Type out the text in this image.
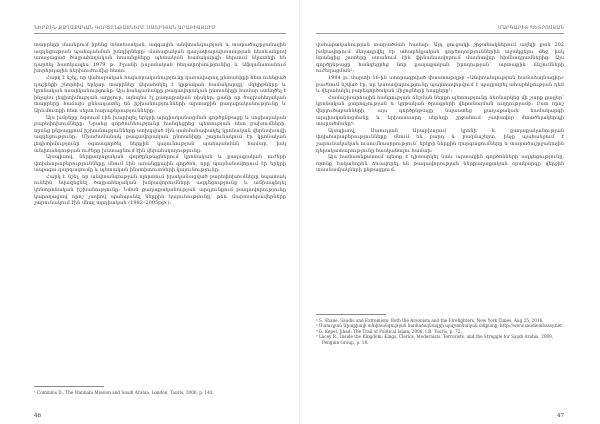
ՆԵՐՔԻՆ ՔԱՂԱՔԱԿԱՆ ԳՈՐԾԸՆԹԱՑՆԵՐԸ ՍԱՈՒԴՅԱՆ ԱՐԱԲԻԱՅՈՒՄ

տարրերի մասերում իրենց տնտեսական, ազգային անվտանգության և տարածաշրջանային ազդեցության պահպանման խնդիրները: Վահաբական գաղափարախոսության հետևանքով առաջացած ծայրահեղական հոսանքները պետական համակարգի ներսում նկատելի են դարձել հատկապես 1979 թ. Իրանի իսլամական հեղափոխությունից և Աֆղանստանում խորհրդային ներխուժումից հետո:

Հարկ է նշել, որ վահաբական հոգևորականությունը կառավարող ընտանիքի հետ ունեցած դաշինքի շնորհիվ երկար տարիներ վերահսկել է կրթական համակարգը, մզկիթները և կրոնական ոստիկանությունը: Այս հանգամանքը թագավորական ընտանիքի համար ստեղծել է ինչպես լեգիտիմության աղբյուր, այնպես էլ քաղաքական ռիսկեր, քանի որ ծայրահեղական տարրերը հաճախ քննադատել են իշխանությունների արտաքին քաղաքականությունը և Արևմուտքի հետ սերտ հարաբերությունները:

Այս խմբերը ձգտում էին խարխլել երկրի արդիականացման գործընթացը և սոցիալական բարեփոխումները: Նրանց գործունեությունը հանգեցրեց պետության հետ բախումների, որոնց ընթացքում իշխանությունները ստիպված էին սահմանափակել կրոնական վերնախավի ազդեցությունը: Միաժամանակ թագավորական ընտանիքը շարունակում էր կրոնական լեգիտիմությունը օգտագործել ներքին կայունության պահպանման համար, իսկ անվտանգության ուժերը խստացնում էին վերահսկողությունը:

Այսպիսով, ներքաղաքական գործընթացներում կրոնական և քաղաքական ուժերի փոխհարաբերությունները մնում էին առանցքային գործոն, որը պայմանավորում էր երկրի ապագա զարգացումը և պետական ինստիտուտների կայունությունը:

Հարկ է նշել, որ անվտանգության ոլորտում իրականացված բարեփոխումները նպատակ ունեին նվազեցնել ծայրահեղական խմբավորումների ազդեցությունը և ամրապնդել կենտրոնական իշխանությունը: Նման քաղաքականության արդյունքում թագավորությունը կարողացավ որոշ չափով պահպանել ներքին կայունությունը, թեև մարտահրավերները շարունակում էին մնալ արդիական (1982–2005թթ.):

¹ Commins D., The Wahhabi Mission and Saudi Arabia, London, Tauris, 2006, p. 142.

46
ՄԱՐԳԱՐԻՏ ՊԵՏՐՈՍՅԱՆ

վահաբականության տարածման համար: Այդ ցուցակի շրջանակներում ավելի քան 202 խմբավորում մեղադրվել էր ահաբեկչական գործողություններին աջակցելու մեջ, իսկ նրանցից շատերը ստանում էին ֆինանսավորում մասնավոր հիմնադրամներից: Այս գործընթացը հանգեցրեց նոր քաղաքական իրողության՝ արտաքին ճնշումների ուժեղացման²:

1984 թ. մարտի 16-ին ստորագրված փաստաթղթի «Անվտանգության համաձայնագիր» բաժնում նշված էր, որ կառավարությունը պարտավորվում է պայքարել ահաբեկչության դեմ և վերահսկել բարեգործական միջոցների հոսքերը³:

Համաշխարհային հանրության ճնշման ներքո պետությունը ձեռնարկեց մի շարք քայլեր՝ կրոնական քարոզչության և կրթական ծրագրերի վերանայման ուղղությամբ: Ըստ որոշ վերլուծաբանների, այս գործընթացը նպաստեց քաղաքական համակարգի արդիականացմանը և երիտասարդ սերնդի շրջանում չափավոր մտածելակերպի տարածմանը⁴:

Այսպիսով, Սաուդյան Արաբիայում կրոնի և քաղաքականության փոխհարաբերությունները մնում են բարդ և բազմաշերտ, ինչը պահանջում է շարունակական ուսումնասիրություն՝ երկրի ներքին զարգացումները և տարածաշրջանային դերակատարությունը հասկանալու համար:

Այս համատեքստում պետք է դիտարկել նաև արտաքին գործոնների ազդեցությունը, որոնք էականորեն ձևավորել են թագավորության ներքաղաքական օրակարգը վերջին տասնամյակների ընթացքում:

² S. Shane, Saudis and Extremism: Both the Arsonists and the Firefighters, New York Times, Aug 25, 2016.

³ Սաուդյան Արաբիայի անվտանգության համաձայնագրի պաշտոնական տեքստը, http://www.saudiembassy.net

⁴ G. Kepel, Jihad: The Trail of Political Islam, 2006, I.B. Tauris, p. 72.

⁵ Lacey R., Inside the Kingdom: Kings, Clerics, Modernists, Terrorists, and the Struggle for Saudi Arabia, 2009, Penguin Group, p. 18.

47
